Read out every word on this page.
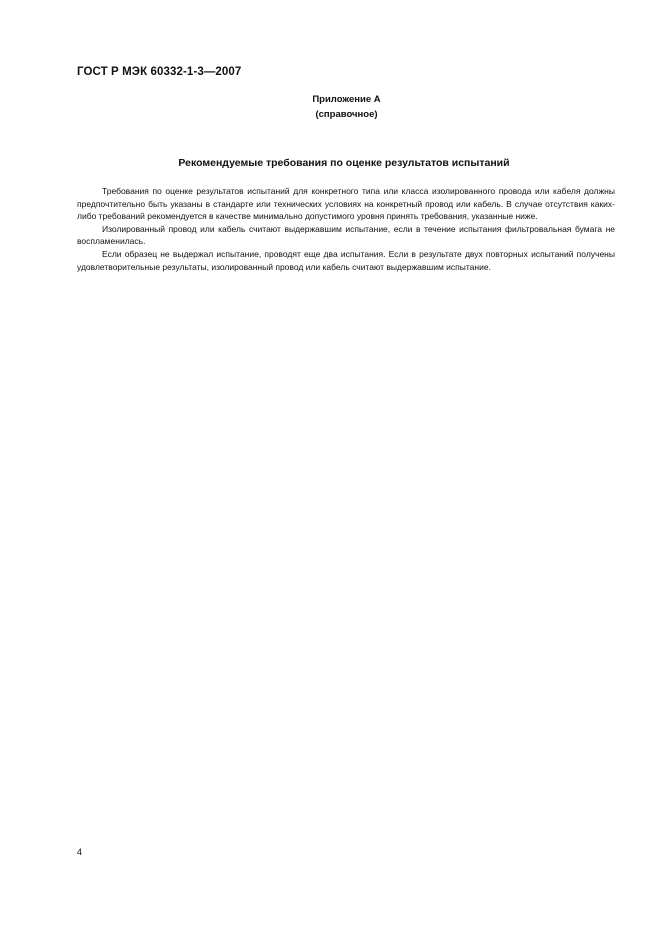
ГОСТ Р МЭК 60332-1-3—2007
Приложение А
(справочное)
Рекомендуемые требования по оценке результатов испытаний

Требования по оценке результатов испытаний для конкретного типа или класса изолированного провода или кабеля должны предпочтительно быть указаны в стандарте или технических условиях на конкретный провод или кабель. В случае отсутствия каких-либо требований рекомендуется в качестве минимально допустимого уровня принять требования, указанные ниже.

Изолированный провод или кабель считают выдержавшим испытание, если в течение испытания фильтровальная бумага не воспламенилась.

Если образец не выдержал испытание, проводят еще два испытания. Если в результате двух повторных испытаний получены удовлетворительные результаты, изолированный провод или кабель считают выдержавшим испытание.

4
